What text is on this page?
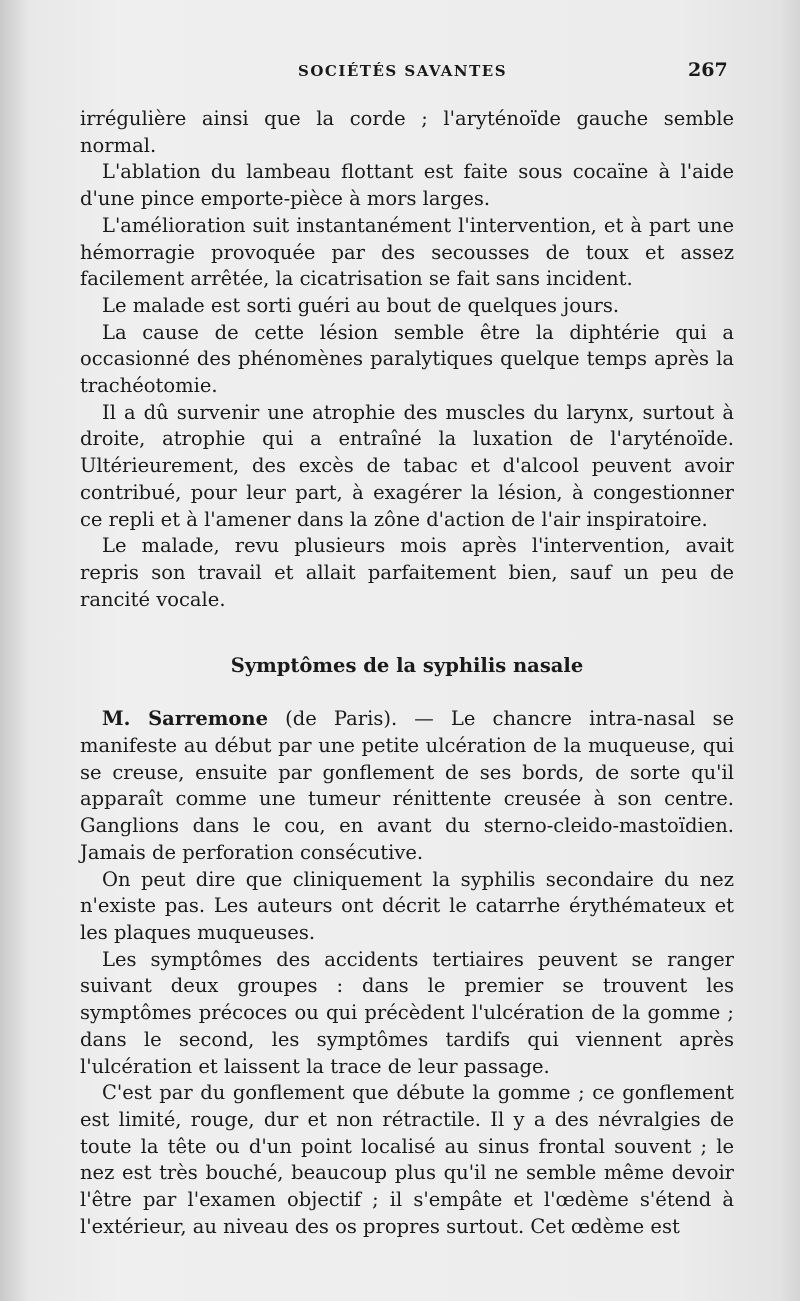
SOCIÉTÉS SAVANTES	267

irrégulière ainsi que la corde ; l'aryténoïde gauche semble normal.

L'ablation du lambeau flottant est faite sous cocaïne à l'aide d'une pince emporte-pièce à mors larges.

L'amélioration suit instantanément l'intervention, et à part une hémorragie provoquée par des secousses de toux et assez facilement arrêtée, la cicatrisation se fait sans incident.

Le malade est sorti guéri au bout de quelques jours.

La cause de cette lésion semble être la diphtérie qui a occasionné des phénomènes paralytiques quelque temps après la trachéotomie.

Il a dû survenir une atrophie des muscles du larynx, surtout à droite, atrophie qui a entraîné la luxation de l'aryténoïde. Ultérieurement, des excès de tabac et d'alcool peuvent avoir contribué, pour leur part, à exagérer la lésion, à congestionner ce repli et à l'amener dans la zône d'action de l'air inspiratoire.

Le malade, revu plusieurs mois après l'intervention, avait repris son travail et allait parfaitement bien, sauf un peu de rancité vocale.

Symptômes de la syphilis nasale

M. Sarremone (de Paris). — Le chancre intra-nasal se manifeste au début par une petite ulcération de la muqueuse, qui se creuse, ensuite par gonflement de ses bords, de sorte qu'il apparaît comme une tumeur rénittente creusée à son centre. Ganglions dans le cou, en avant du sterno-cleido-mastoïdien. Jamais de perforation consécutive.

On peut dire que cliniquement la syphilis secondaire du nez n'existe pas. Les auteurs ont décrit le catarrhe érythémateux et les plaques muqueuses.

Les symptômes des accidents tertiaires peuvent se ranger suivant deux groupes : dans le premier se trouvent les symptômes précoces ou qui précèdent l'ulcération de la gomme ; dans le second, les symptômes tardifs qui viennent après l'ulcération et laissent la trace de leur passage.

C'est par du gonflement que débute la gomme ; ce gonflement est limité, rouge, dur et non rétractile. Il y a des névralgies de toute la tête ou d'un point localisé au sinus frontal souvent ; le nez est très bouché, beaucoup plus qu'il ne semble même devoir l'être par l'examen objectif ; il s'empâte et l'œdème s'étend à l'extérieur, au niveau des os propres surtout. Cet œdème est
